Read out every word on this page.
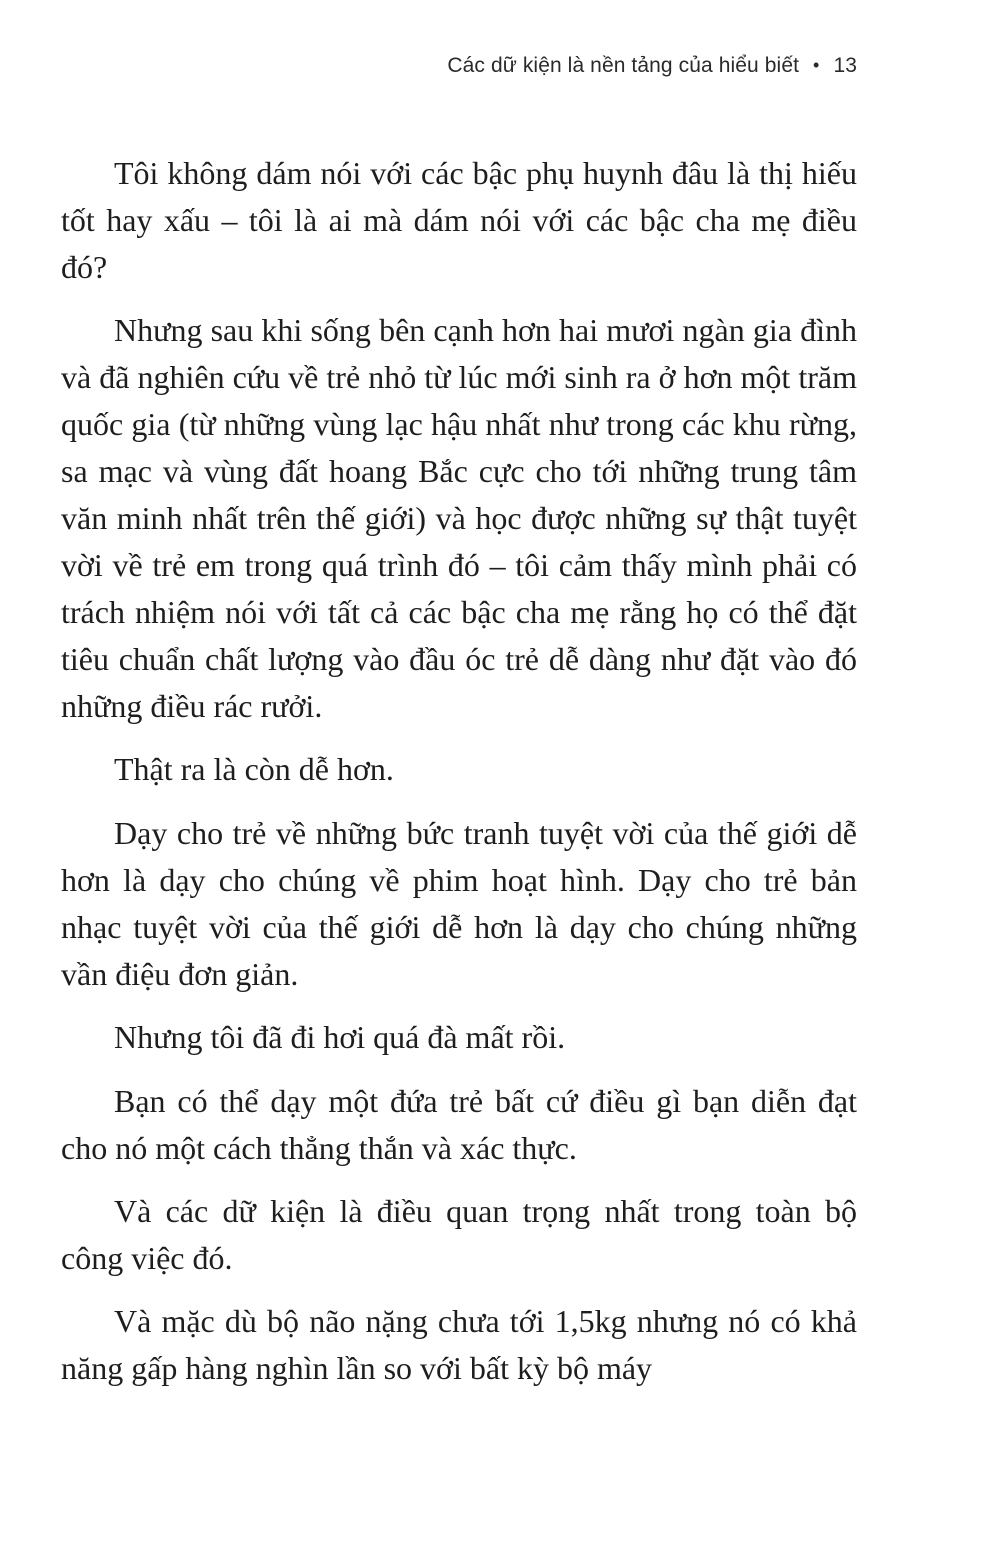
Các dữ kiện là nền tảng của hiểu biết • 13

Tôi không dám nói với các bậc phụ huynh đâu là thị hiếu tốt hay xấu – tôi là ai mà dám nói với các bậc cha mẹ điều đó?

Nhưng sau khi sống bên cạnh hơn hai mươi ngàn gia đình và đã nghiên cứu về trẻ nhỏ từ lúc mới sinh ra ở hơn một trăm quốc gia (từ những vùng lạc hậu nhất như trong các khu rừng, sa mạc và vùng đất hoang Bắc cực cho tới những trung tâm văn minh nhất trên thế giới) và học được những sự thật tuyệt vời về trẻ em trong quá trình đó – tôi cảm thấy mình phải có trách nhiệm nói với tất cả các bậc cha mẹ rằng họ có thể đặt tiêu chuẩn chất lượng vào đầu óc trẻ dễ dàng như đặt vào đó những điều rác rưởi.

Thật ra là còn dễ hơn.

Dạy cho trẻ về những bức tranh tuyệt vời của thế giới dễ hơn là dạy cho chúng về phim hoạt hình. Dạy cho trẻ bản nhạc tuyệt vời của thế giới dễ hơn là dạy cho chúng những vần điệu đơn giản.

Nhưng tôi đã đi hơi quá đà mất rồi.

Bạn có thể dạy một đứa trẻ bất cứ điều gì bạn diễn đạt cho nó một cách thẳng thắn và xác thực.

Và các dữ kiện là điều quan trọng nhất trong toàn bộ công việc đó.

Và mặc dù bộ não nặng chưa tới 1,5kg nhưng nó có khả năng gấp hàng nghìn lần so với bất kỳ bộ máy
